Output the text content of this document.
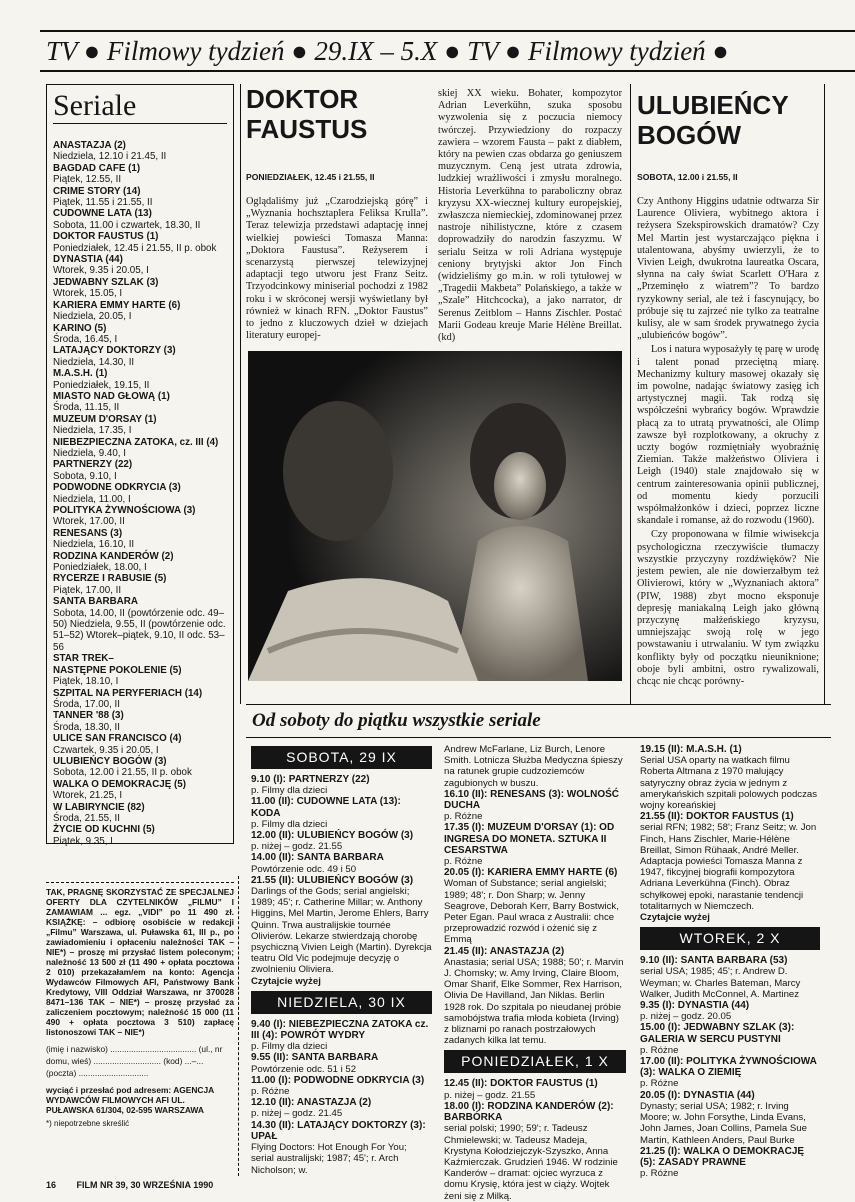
TV ● Filmowy tydzień ● 29.IX – 5.X ● TV ● Filmowy tydzień ●
Seriale
ANASTAZJA (2)
Niedziela, 12.10 i 21.45, II
BAGDAD CAFE (1)
Piątek, 12.55, II
CRIME STORY (14)
Piątek, 11.55 i 21.55, II
CUDOWNE LATA (13)
Sobota, 11.00 i czwartek, 18.30, II
DOKTOR FAUSTUS (1)
Poniedziałek, 12.45 i 21.55, II p. obok
DYNASTIA (44)
Wtorek, 9.35 i 20.05, I
JEDWABNY SZLAK (3)
Wtorek, 15.05, I
KARIERA EMMY HARTE (6)
Niedziela, 20.05, I
KARINO (5)
Środa, 16.45, I
LATAJĄCY DOKTORZY (3)
Niedziela, 14.30, II
M.A.S.H. (1)
Poniedziałek, 19.15, II
MIASTO NAD GŁOWĄ (1)
Środa, 11.15, II
MUZEUM D'ORSAY (1)
Niedziela, 17.35, I
NIEBEZPIECZNA ZATOKA, cz. III (4)
Niedziela, 9.40, I
PARTNERZY (22)
Sobota, 9.10, I
PODWODNE ODKRYCIA (3)
Niedziela, 11.00, I
POLITYKA ŻYWNOŚCIOWA (3)
Wtorek, 17.00, II
RENESANS (3)
Niedziela, 16.10, II
RODZINA KANDERÓW (2)
Poniedziałek, 18.00, I
RYCERZE I RABUSIE (5)
Piątek, 17.00, II
SANTA BARBARA
Sobota, 14.00, II (powtórzenie odc. 49–50) Niedziela, 9.55, II (powtórzenie odc. 51–52) Wtorek–piątek, 9.10, II odc. 53–56
STAR TREK–
NASTĘPNE POKOLENIE (5)
Piątek, 18.10, I
SZPITAL NA PERYFERIACH (14)
Środa, 17.00, II
TANNER '88 (3)
Środa, 18.30, II
ULICE SAN FRANCISCO (4)
Czwartek, 9.35 i 20.05, I
ULUBIEŃCY BOGÓW (3)
Sobota, 12.00 i 21.55, II p. obok
WALKA O DEMOKRACJĘ (5)
Wtorek, 21.25, I
W LABIRYNCIE (82)
Środa, 21.55, II
ŻYCIE OD KUCHNI (5)
Piątek, 9.35, I
TAK, PRAGNĘ SKORZYSTAĆ ZE SPECJALNEJ OFERTY DLA CZYTELNIKÓW „FILMU” I ZAMAWIAM ... egz. „VIDI” po 11 490 zł. KSIĄŻKĘ: – odbiorę osobiście w redakcji „Filmu” Warszawa, ul. Puławska 61, III p., po zawiadomieniu i opłaceniu należności TAK – NIE*) – proszę mi przysłać listem poleconym; należność 13 500 zł (11 490 + opłata pocztowa 2 010) przekazałam/em na konto: Agencja Wydawców Filmowych AFI, Państwowy Bank Kredytowy, VIII Oddział Warszawa, nr 370028 8471–136 TAK – NIE*) – proszę przysłać za zaliczeniem pocztowym; należność 15 000 (11 490 + opłata pocztowa 3 510) zapłacę listonoszowi TAK – NIE*)
(imię i nazwisko) ..................................... (ul., nr domu, wieś) ............................. (kod) ...–... (poczta) ..............................
wyciąć i przesłać pod adresem: AGENCJA WYDAWCÓW FILMOWYCH AFI UL. PUŁAWSKA 61/304, 02-595 WARSZAWA
*) niepotrzebne skreślić
DOKTOR FAUSTUS
PONIEDZIAŁEK, 12.45 i 21.55, II
Oglądaliśmy już „Czarodziejską górę” i „Wyznania hochsztaplera Feliksa Krulla”. Teraz telewizja przedstawi adaptację innej wielkiej powieści Tomasza Manna: „Doktora Faustusa”. Reżyserem i scenarzystą pierwszej telewizyjnej adaptacji tego utworu jest Franz Seitz. Trzyodcinkowy miniserial pochodzi z 1982 roku i w skróconej wersji wyświetlany był również w kinach RFN. „Doktor Faustus” to jedno z kluczowych dzieł w dziejach literatury europej-
skiej XX wieku. Bohater, kompozytor Adrian Leverkühn, szuka sposobu wyzwolenia się z poczucia niemocy twórczej. Przywiedziony do rozpaczy zawiera – wzorem Fausta – pakt z diabłem, który na pewien czas obdarza go geniuszem muzycznym. Ceną jest utrata zdrowia, ludzkiej wrażliwości i zmysłu moralnego. Historia Leverkühna to paraboliczny obraz kryzysu XX-wiecznej kultury europejskiej, zwłaszcza niemieckiej, zdominowanej przez nastroje nihilistyczne, które z czasem doprowadziły do narodzin faszyzmu. W serialu Seitza w roli Adriana występuje ceniony brytyjski aktor Jon Finch (widzieliśmy go m.in. w roli tytułowej w „Tragedii Makbeta” Polańskiego, a także w „Szale” Hitchcocka), a jako narrator, dr Serenus Zeitblom – Hanns Zischler. Postać Marii Godeau kreuje Marie Hélène Breillat. (kd)
ULUBIEŃCY BOGÓW
SOBOTA, 12.00 i 21.55, II
Czy Anthony Higgins udatnie odtwarza Sir Laurence Oliviera, wybitnego aktora i reżysera Szekspirowskich dramatów? Czy Mel Martin jest wystarczająco piękna i utalentowana, abyśmy uwierzyli, że to Vivien Leigh, dwukrotna laureatka Oscara, słynna na cały świat Scarlett O'Hara z „Przeminęło z wiatrem”? To bardzo ryzykowny serial, ale też i fascynujący, bo próbuje się tu zajrzeć nie tylko za teatralne kulisy, ale w sam środek prywatnego życia „ulubieńców bogów”.
Los i natura wyposażyły tę parę w urodę i talent ponad przeciętną miarę. Mechanizmy kultury masowej okazały się im powolne, nadając światowy zasięg ich artystycznej magii. Tak rodzą się współcześni wybrańcy bogów. Wprawdzie płacą za to utratą prywatności, ale Olimp zawsze był rozplotkowany, a okruchy z uczty bogów rozmiętniały wyobraźnię Ziemian. Także małżeństwo Oliviera i Leigh (1940) stale znajdowało się w centrum zainteresowania opinii publicznej, od momentu kiedy porzucili współmałżonków i dzieci, poprzez liczne skandale i romanse, aż do rozwodu (1960).
Czy proponowana w filmie wiwisekcja psychologiczna rzeczywiście tłumaczy wszystkie przyczyny rozdźwięków? Nie jestem pewien, ale nie dowierzałbym też Olivierowi, który w „Wyznaniach aktora” (PIW, 1988) zbyt mocno eksponuje depresję maniakalną Leigh jako główną przyczynę małżeńskiego kryzysu, umniejszając swoją rolę w jego powstawaniu i utrwalaniu. W tym związku konflikty były od początku nieuniknione; oboje byli ambitni, ostro rywalizowali, chcąc nie chcąc porówny-
Od soboty do piątku wszystkie seriale
SOBOTA, 29 IX

9.10 (I): PARTNERZY (22)

p. Filmy dla dzieci

11.00 (II): CUDOWNE LATA (13): KODA

p. Filmy dla dzieci

12.00 (II): ULUBIEŃCY BOGÓW (3)

p. niżej – godz. 21.55

14.00 (II): SANTA BARBARA

Powtórzenie odc. 49 i 50

21.55 (II): ULUBIEŃCY BOGÓW (3)

Darlings of the Gods; serial angielski; 1989; 45'; r. Catherine Millar; w. Anthony Higgins, Mel Martin, Jerome Ehlers, Barry Quinn. Trwa australijskie tournée Olivierów. Lekarze stwierdzają chorobę psychiczną Vivien Leigh (Martin). Dyrekcja teatru Old Vic podejmuje decyzję o zwolnieniu Oliviera.

Czytajcie wyżej

NIEDZIELA, 30 IX

9.40 (I): NIEBEZPIECZNA ZATOKA cz. III (4): POWRÓT WYDRY

p. Filmy dla dzieci

9.55 (II): SANTA BARBARA

Powtórzenie odc. 51 i 52

11.00 (I): PODWODNE ODKRYCIA (3)

p. Różne

12.10 (II): ANASTAZJA (2)

p. niżej – godz. 21.45

14.30 (II): LATAJĄCY DOKTORZY (3): UPAŁ

Flying Doctors: Hot Enough For You; serial australijski; 1987; 45'; r. Arch Nicholson; w.

Andrew McFarlane, Liz Burch, Lenore Smith. Lotnicza Służba Medyczna śpieszy na ratunek grupie cudzoziemców zagubionych w buszu.

16.10 (II): RENESANS (3): WOLNOŚĆ DUCHA

p. Różne

17.35 (I): MUZEUM D'ORSAY (1): OD INGRESA DO MONETA. SZTUKA II CESARSTWA

p. Różne

20.05 (I): KARIERA EMMY HARTE (6)

Woman of Substance; serial angielski; 1989; 48'; r. Don Sharp; w. Jenny Seagrove, Deborah Kerr, Barry Bostwick, Peter Egan. Paul wraca z Australii: chce przeprowadzić rozwód i ożenić się z Emmą

21.45 (II): ANASTAZJA (2)

Anastasia; serial USA; 1988; 50'; r. Marvin J. Chomsky; w. Amy Irving, Claire Bloom, Omar Sharif, Elke Sommer, Rex Harrison, Olivia De Havilland, Jan Niklas. Berlin 1928 rok. Do szpitala po nieudanej próbie samobójstwa trafia młoda kobieta (Irving) z bliznami po ranach postrzałowych zadanych kilka lat temu.

PONIEDZIAŁEK, 1 X

12.45 (II): DOKTOR FAUSTUS (1)

p. niżej – godz. 21.55

18.00 (I): RODZINA KANDERÓW (2): BARBÓRKA

serial polski; 1990; 59'; r. Tadeusz Chmielewski; w. Tadeusz Madeja, Krystyna Kołodziejczyk-Szyszko, Anna Kaźmierczak. Grudzień 1946. W rodzinie Kanderów – dramat: ojciec wyrzuca z domu Krysię, która jest w ciąży. Wojtek żeni się z Milką.

19.15 (II): M.A.S.H. (1)

Serial USA oparty na watkach filmu Roberta Altmana z 1970 malujący satyryczny obraz życia w jednym z amerykańskich szpitali polowych podczas wojny koreańskiej

21.55 (II): DOKTOR FAUSTUS (1)

serial RFN; 1982; 58'; Franz Seitz; w. Jon Finch, Hans Zischler, Marie-Hélène Breillat, Simon Rühaak, André Meller. Adaptacja powieści Tomasza Manna z 1947, fikcyjnej biografii kompozytora Adriana Leverkühna (Finch). Obraz schyłkowej epoki, narastanie tendencji totalitarnych w Niemczech.

Czytajcie wyżej

WTOREK, 2 X

9.10 (II): SANTA BARBARA (53)

serial USA; 1985; 45'; r. Andrew D. Weyman; w. Charles Bateman, Marcy Walker, Judith McConnel, A. Martinez

9.35 (I): DYNASTIA (44)

p. niżej – godz. 20.05

15.00 (I): JEDWABNY SZLAK (3): GALERIA W SERCU PUSTYNI

p. Różne

17.00 (II): POLITYKA ŻYWNOŚCIOWA (3): WALKA O ZIEMIĘ

p. Różne

20.05 (I): DYNASTIA (44)

Dynasty; serial USA; 1982; r. Irving Moore; w. John Forsythe, Linda Evans, John James, Joan Collins, Pamela Sue Martin, Kathleen Anders, Paul Burke

21.25 (I): WALKA O DEMOKRACJĘ (5): ZASADY PRAWNE

p. Różne

16 FILM NR 39, 30 WRZEŚNIA 1990
